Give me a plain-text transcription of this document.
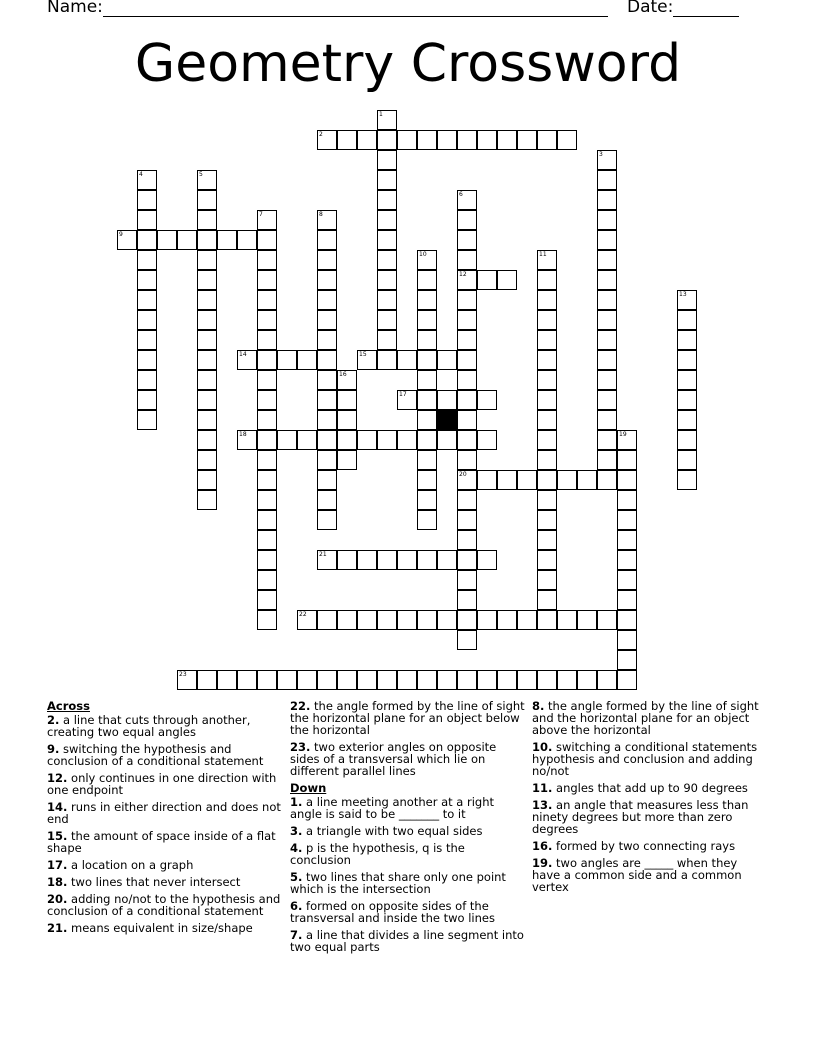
Name:	Date:
Geometry Crossword
1
2
3
4	5
6
12
20
7	8
9
10	11
13
14	15
16
17
18	19
21
22
23
Across
2. a line that cuts through another, creating two equal angles
9. switching the hypothesis and conclusion of a conditional statement
12. only continues in one direction with one endpoint
14. runs in either direction and does not end
15. the amount of space inside of a flat shape
17. a location on a graph
18. two lines that never intersect
20. adding no/not to the hypothesis and conclusion of a conditional statement
21. means equivalent in size/shape
22. the angle formed by the line of sight the horizontal plane for an object below the horizontal
23. two exterior angles on opposite sides of a transversal which lie on different parallel lines
Down
1. a line meeting another at a right angle is said to be _______ to it
3. a triangle with two equal sides
4. p is the hypothesis, q is the conclusion
5. two lines that share only one point which is the intersection
6. formed on opposite sides of the transversal and inside the two lines
7. a line that divides a line segment into two equal parts
8. the angle formed by the line of sight and the horizontal plane for an object above the horizontal
10. switching a conditional statements hypothesis and conclusion and adding no/not
11. angles that add up to 90 degrees
13. an angle that measures less than ninety degrees but more than zero degrees
16. formed by two connecting rays
19. two angles are _____ when they have a common side and a common vertex
